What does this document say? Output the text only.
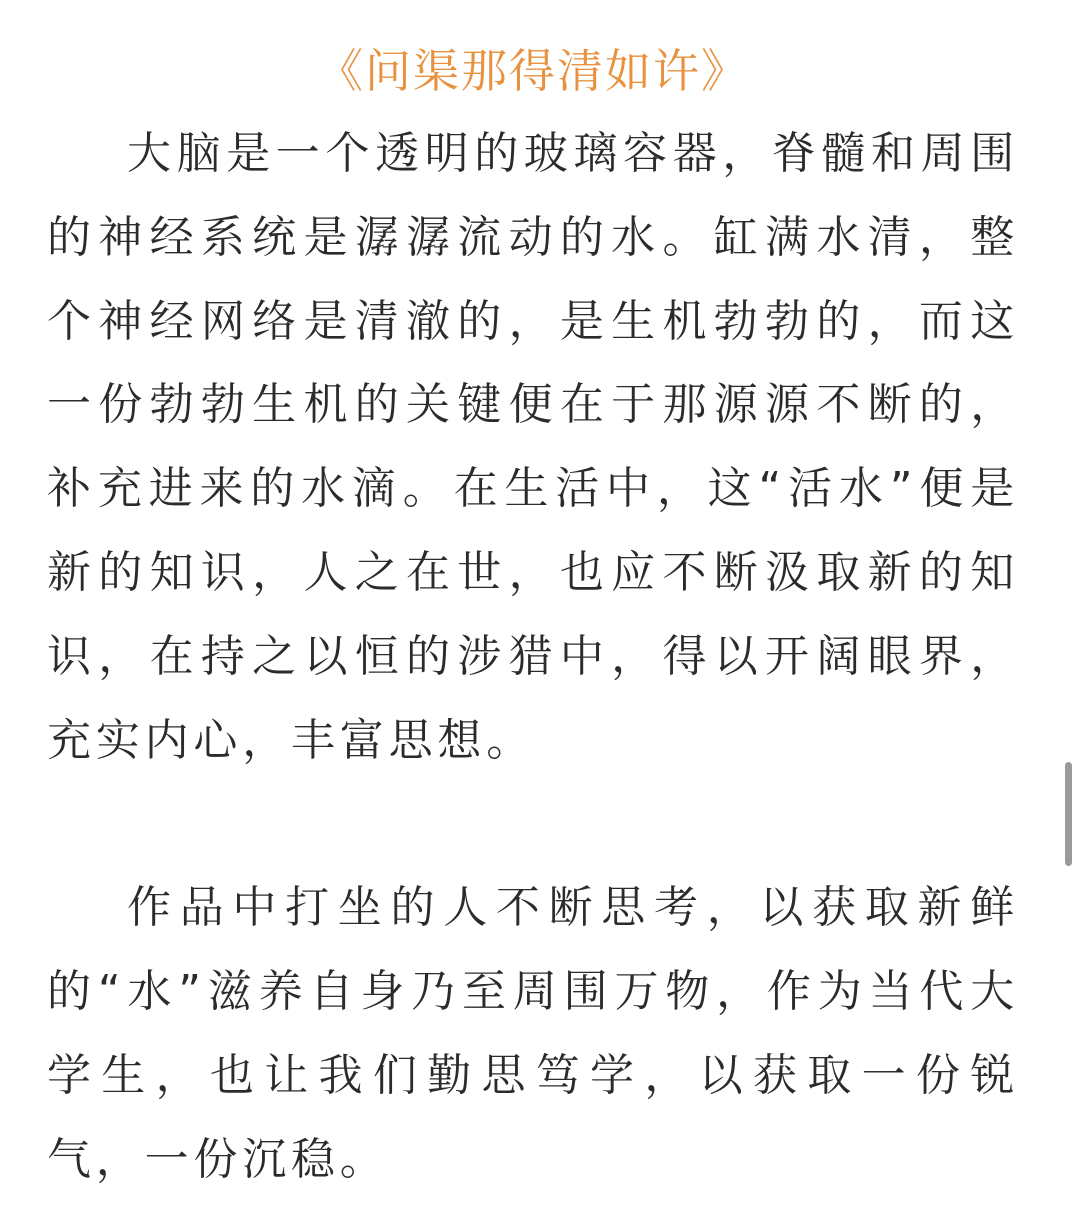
《问渠那得清如许》

大脑是一个透明的玻璃容器，脊髓和周围的神经系统是潺潺流动的水。缸满水清，整个神经网络是清澈的，是生机勃勃的，而这一份勃勃生机的关键便在于那源源不断的，补充进来的水滴。在生活中，这“活水”便是新的知识，人之在世，也应不断汲取新的知识，在持之以恒的涉猎中，得以开阔眼界，充实内心，丰富思想。

作品中打坐的人不断思考，以获取新鲜的“水”滋养自身乃至周围万物，作为当代大学生，也让我们勤思笃学，以获取一份锐气，一份沉稳。
